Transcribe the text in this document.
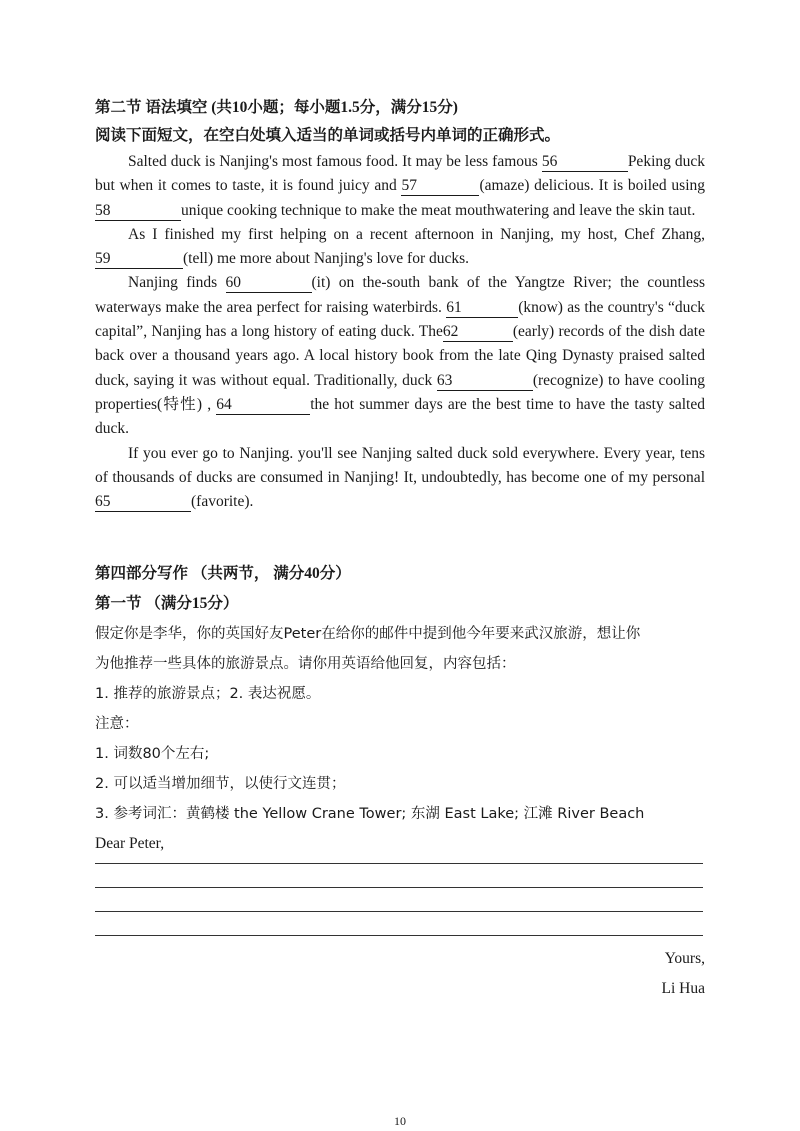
第二节 语法填空 (共10小题；每小题1.5分，满分15分)
阅读下面短文，在空白处填入适当的单词或括号内单词的正确形式。

Salted duck is Nanjing's most famous food. It may be less famous 56	Peking duck but when it comes to taste, it is found juicy and 57	(amaze) delicious. It is boiled using 58	unique cooking technique to make the meat mouthwatering and leave the skin taut.

As I finished my first helping on a recent afternoon in Nanjing, my host, Chef Zhang, 59	(tell) me more about Nanjing's love for ducks.

Nanjing finds 60	(it) on the-south bank of the Yangtze River; the countless waterways make the area perfect for raising waterbirds. 61	(know) as the country's “duck capital”, Nanjing has a long history of eating duck. The62	(early) records of the dish date back over a thousand years ago. A local history book from the late Qing Dynasty praised salted duck, saying it was without equal. Traditionally, duck 63	(recognize) to have cooling properties(特性) , 64	the hot summer days are the best time to have the tasty salted duck.

If you ever go to Nanjing. you'll see Nanjing salted duck sold everywhere. Every year, tens of thousands of ducks are consumed in Nanjing! It, undoubtedly, has become one of my personal 65	(favorite).

第四部分写作 （共两节， 满分40分）
第一节 （满分15分）

假定你是李华，你的英国好友Peter在给你的邮件中提到他今年要来武汉旅游，想让你

为他推荐一些具体的旅游景点。请你用英语给他回复，内容包括：

1. 推荐的旅游景点；2. 表达祝愿。

注意：

1. 词数80个左右;

2. 可以适当增加细节，以使行文连贯；

3. 参考词汇：黄鹤楼 the Yellow Crane Tower; 东湖 East Lake; 江滩 River Beach

Dear Peter,

Yours,

Li Hua

10
